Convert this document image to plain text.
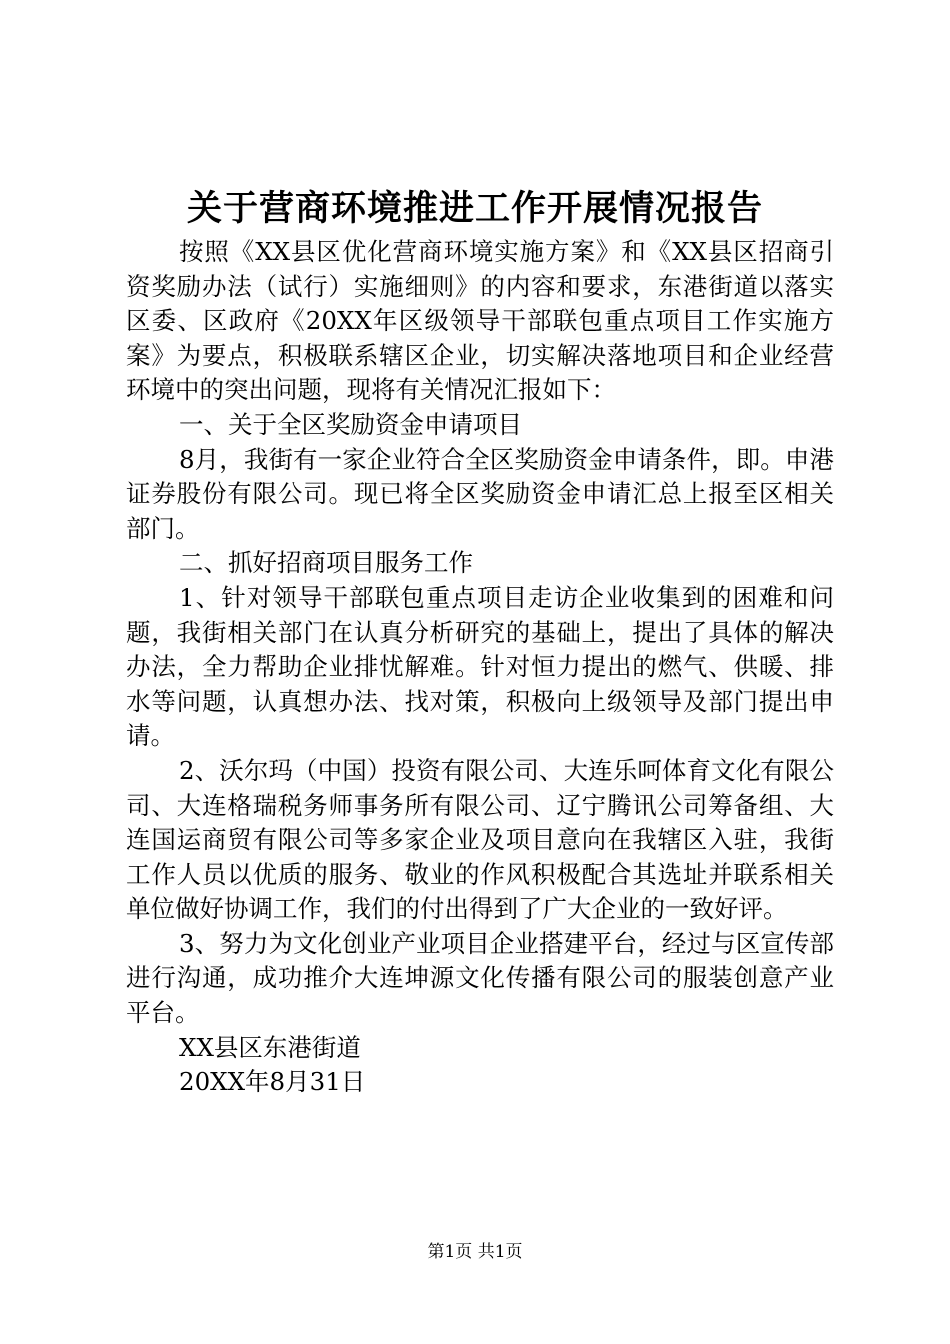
关于营商环境推进工作开展情况报告

按照《XX县区优化营商环境实施方案》和《XX县区招商引资奖励办法（试行）实施细则》的内容和要求，东港街道以落实区委、区政府《20XX年区级领导干部联包重点项目工作实施方案》为要点，积极联系辖区企业，切实解决落地项目和企业经营环境中的突出问题，现将有关情况汇报如下：

一、关于全区奖励资金申请项目

8月，我街有一家企业符合全区奖励资金申请条件，即。申港证券股份有限公司。现已将全区奖励资金申请汇总上报至区相关部门。

二、抓好招商项目服务工作

1、针对领导干部联包重点项目走访企业收集到的困难和问题，我街相关部门在认真分析研究的基础上，提出了具体的解决办法，全力帮助企业排忧解难。针对恒力提出的燃气、供暖、排水等问题，认真想办法、找对策，积极向上级领导及部门提出申请。

2、沃尔玛（中国）投资有限公司、大连乐呵体育文化有限公司、大连格瑞税务师事务所有限公司、辽宁腾讯公司筹备组、大连国运商贸有限公司等多家企业及项目意向在我辖区入驻，我街工作人员以优质的服务、敬业的作风积极配合其选址并联系相关单位做好协调工作，我们的付出得到了广大企业的一致好评。

3、努力为文化创业产业项目企业搭建平台，经过与区宣传部进行沟通，成功推介大连坤源文化传播有限公司的服装创意产业平台。

XX县区东港街道

20XX年8月31日

第1页 共1页
